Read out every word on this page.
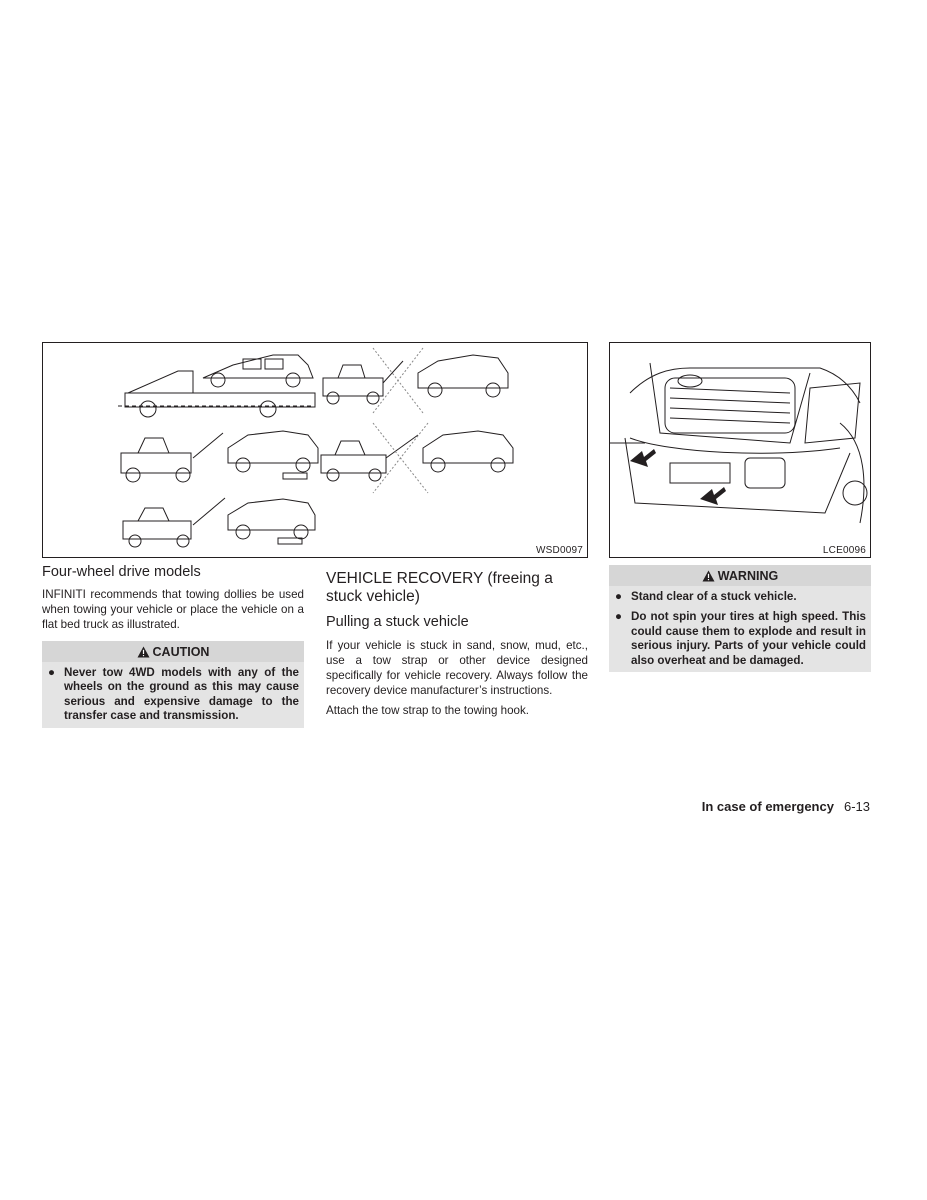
WSD0097	LCE0096
Four-wheel drive models

INFINITI recommends that towing dollies be used when towing your vehicle or place the vehicle on a flat bed truck as illustrated.

CAUTION
● Never tow 4WD models with any of the wheels on the ground as this may cause serious and expensive damage to the transfer case and transmission.
VEHICLE RECOVERY (freeing a stuck vehicle)
Pulling a stuck vehicle

If your vehicle is stuck in sand, snow, mud, etc., use a tow strap or other device designed specifically for vehicle recovery. Always follow the recovery device manufacturer’s instructions.

Attach the tow strap to the towing hook.

WARNING
● Stand clear of a stuck vehicle.
● Do not spin your tires at high speed. This could cause them to explode and result in serious injury. Parts of your vehicle could also overheat and be damaged.
In case of emergency 6-13
